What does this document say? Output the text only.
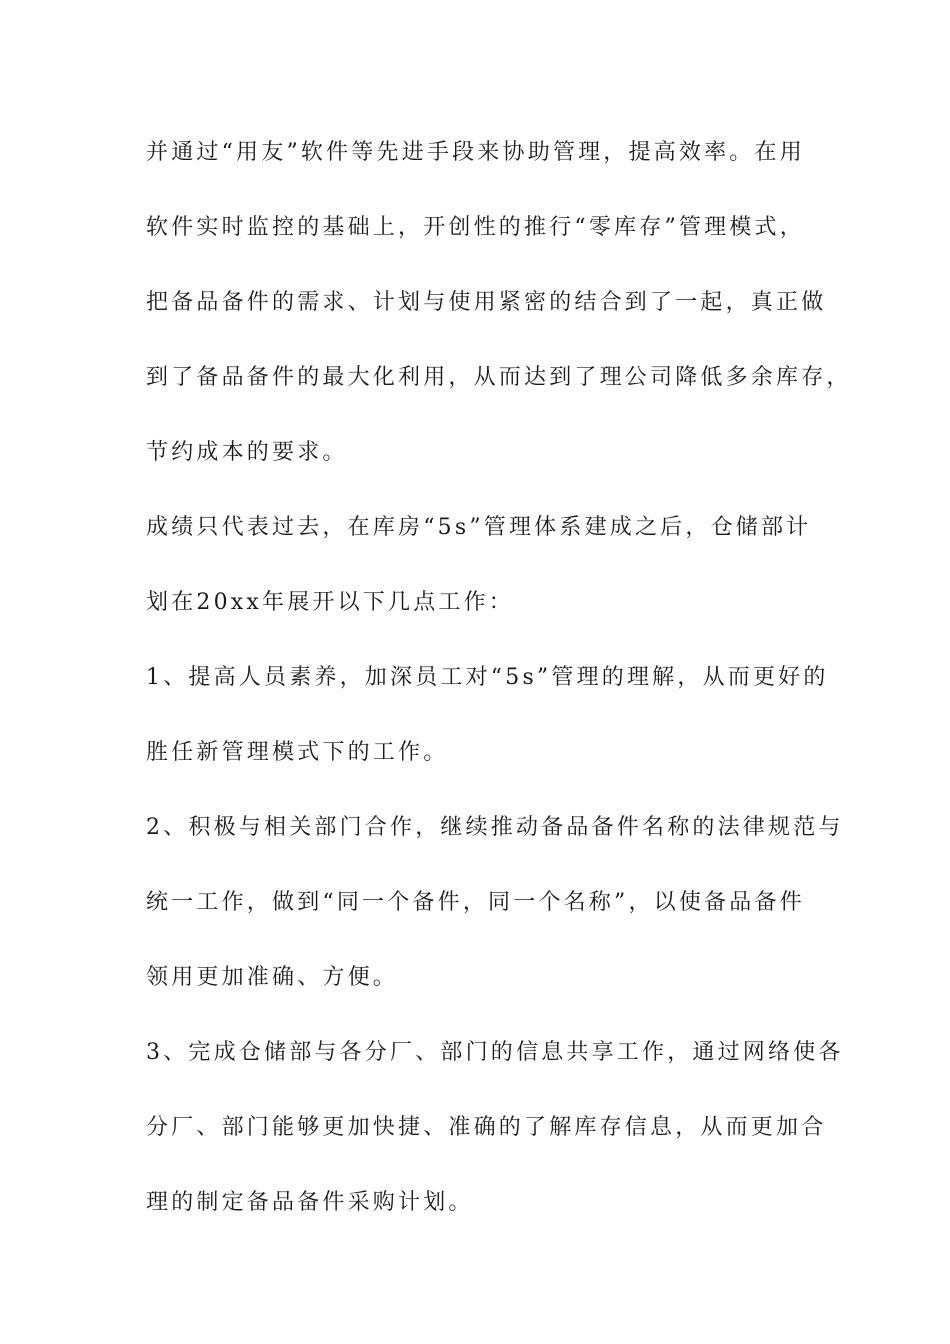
并通过“用友”软件等先进手段来协助管理，提高效率。在用
软件实时监控的基础上，开创性的推行“零库存”管理模式，
把备品备件的需求、计划与使用紧密的结合到了一起，真正做
到了备品备件的最大化利用，从而达到了理公司降低多余库存，
节约成本的要求。
成绩只代表过去，在库房“5s”管理体系建成之后，仓储部计
划在20xx年展开以下几点工作：
1、提高人员素养，加深员工对“5s”管理的理解，从而更好的
胜任新管理模式下的工作。
2、积极与相关部门合作，继续推动备品备件名称的法律规范与
统一工作，做到“同一个备件，同一个名称”，以使备品备件
领用更加准确、方便。
3、完成仓储部与各分厂、部门的信息共享工作，通过网络使各
分厂、部门能够更加快捷、准确的了解库存信息，从而更加合
理的制定备品备件采购计划。
